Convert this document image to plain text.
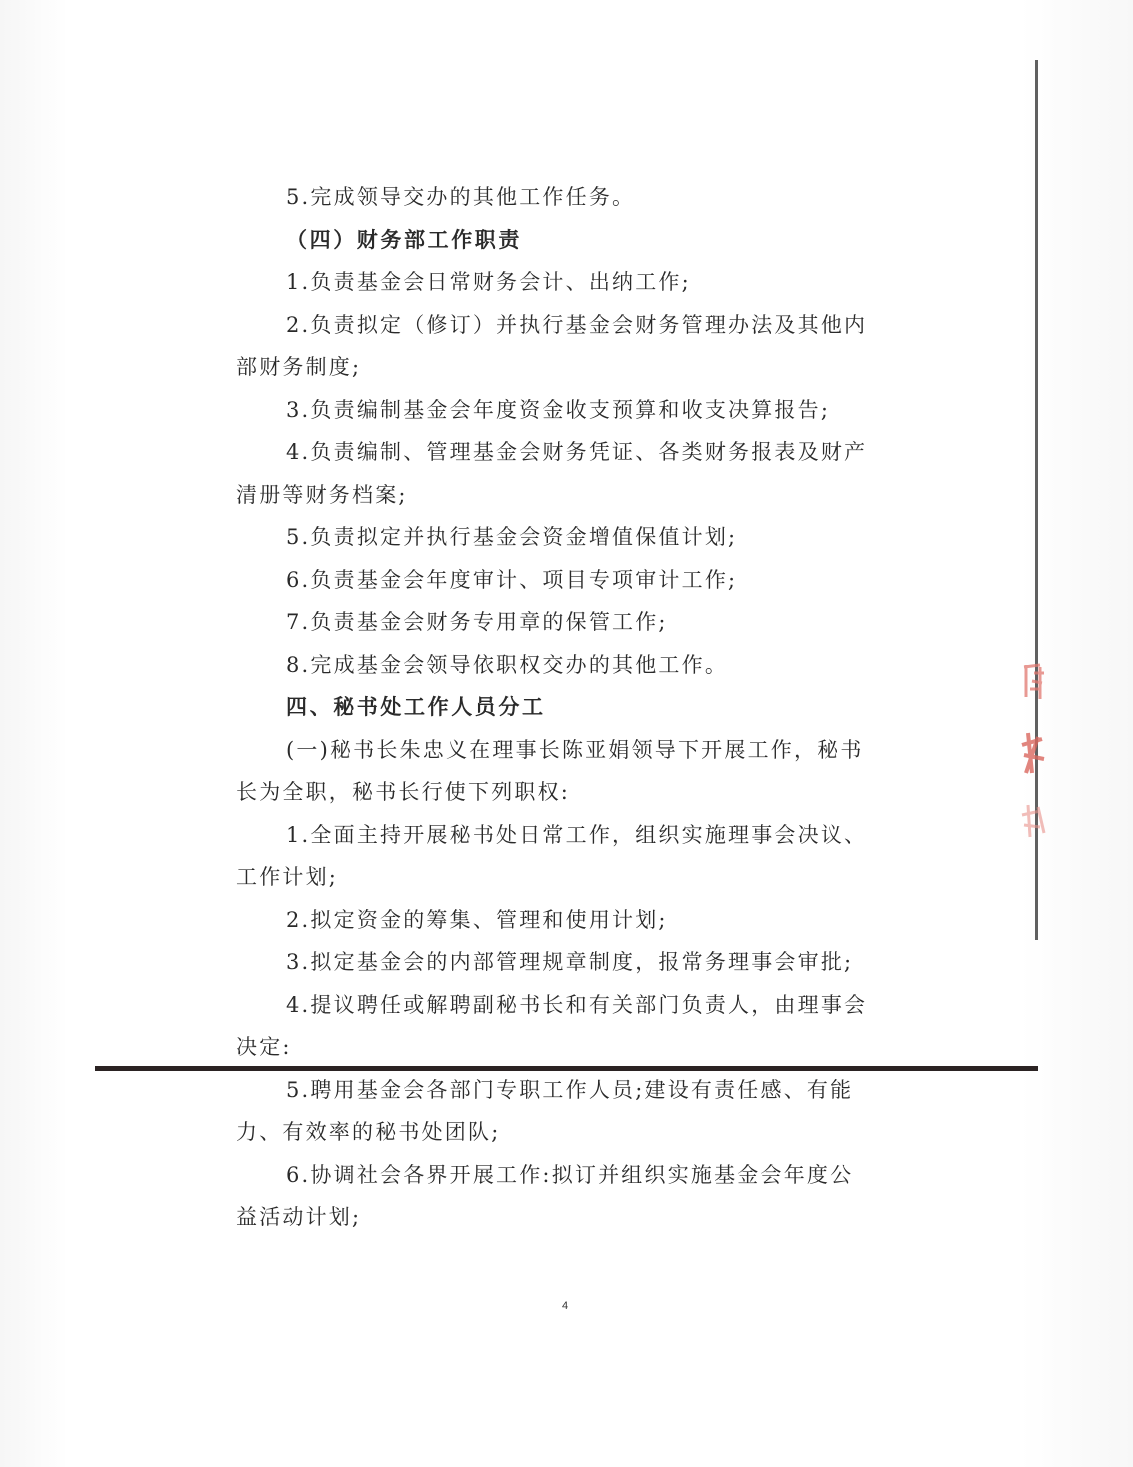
5.完成领导交办的其他工作任务。
（四）财务部工作职责
1.负责基金会日常财务会计、出纳工作;
2.负责拟定（修订）并执行基金会财务管理办法及其他内
部财务制度;
3.负责编制基金会年度资金收支预算和收支决算报告;
4.负责编制、管理基金会财务凭证、各类财务报表及财产
清册等财务档案;
5.负责拟定并执行基金会资金增值保值计划;
6.负责基金会年度审计、项目专项审计工作;
7.负责基金会财务专用章的保管工作;
8.完成基金会领导依职权交办的其他工作。
四、秘书处工作人员分工
(一)秘书长朱忠义在理事长陈亚娟领导下开展工作，秘书
长为全职，秘书长行使下列职权:
1.全面主持开展秘书处日常工作，组织实施理事会决议、
工作计划;
2.拟定资金的筹集、管理和使用计划;
3.拟定基金会的内部管理规章制度，报常务理事会审批;
4.提议聘任或解聘副秘书长和有关部门负责人，由理事会
决定:
5.聘用基金会各部门专职工作人员;建设有责任感、有能
力、有效率的秘书处团队;
6.协调社会各界开展工作:拟订并组织实施基金会年度公
益活动计划;
4
